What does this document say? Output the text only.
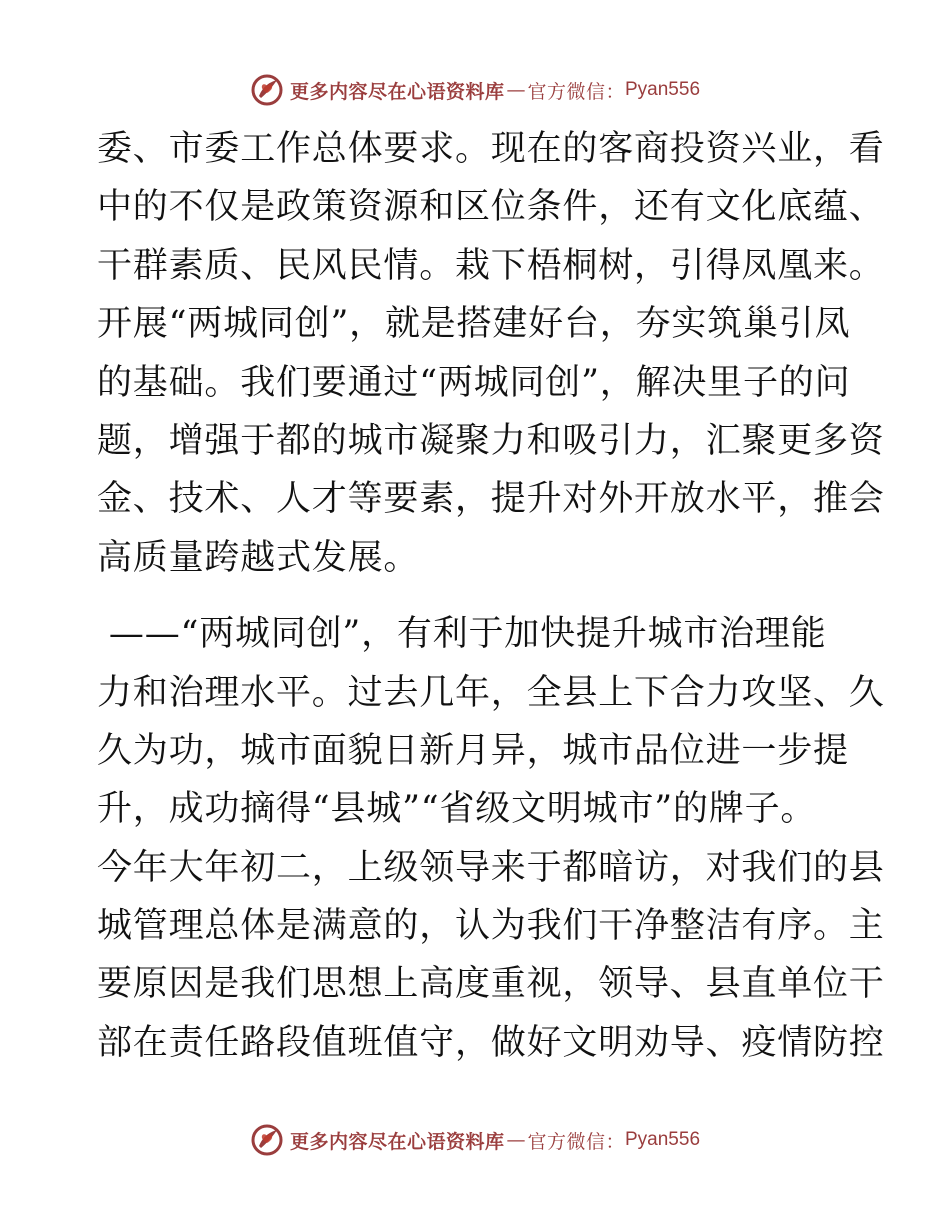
更多内容尽在心语资料库 — 官方微信： Pyan556
委、市委工作总体要求。现在的客商投资兴业，看
中的不仅是政策资源和区位条件，还有文化底蕴、
干群素质、民风民情。栽下梧桐树，引得凤凰来。
开展“两城同创”，就是搭建好台，夯实筑巢引凤
的基础。我们要通过“两城同创”，解决里子的问
题，增强于都的城市凝聚力和吸引力，汇聚更多资
金、技术、人才等要素，提升对外开放水平，推会
高质量跨越式发展。
——“两城同创”，有利于加快提升城市治理能
力和治理水平。过去几年，全县上下合力攻坚、久
久为功，城市面貌日新月异，城市品位进一步提
升，成功摘得“县城”“省级文明城市”的牌子。
今年大年初二，上级领导来于都暗访，对我们的县
城管理总体是满意的，认为我们干净整洁有序。主
要原因是我们思想上高度重视，领导、县直单位干
部在责任路段值班值守，做好文明劝导、疫情防控
更多内容尽在心语资料库 — 官方微信： Pyan556
